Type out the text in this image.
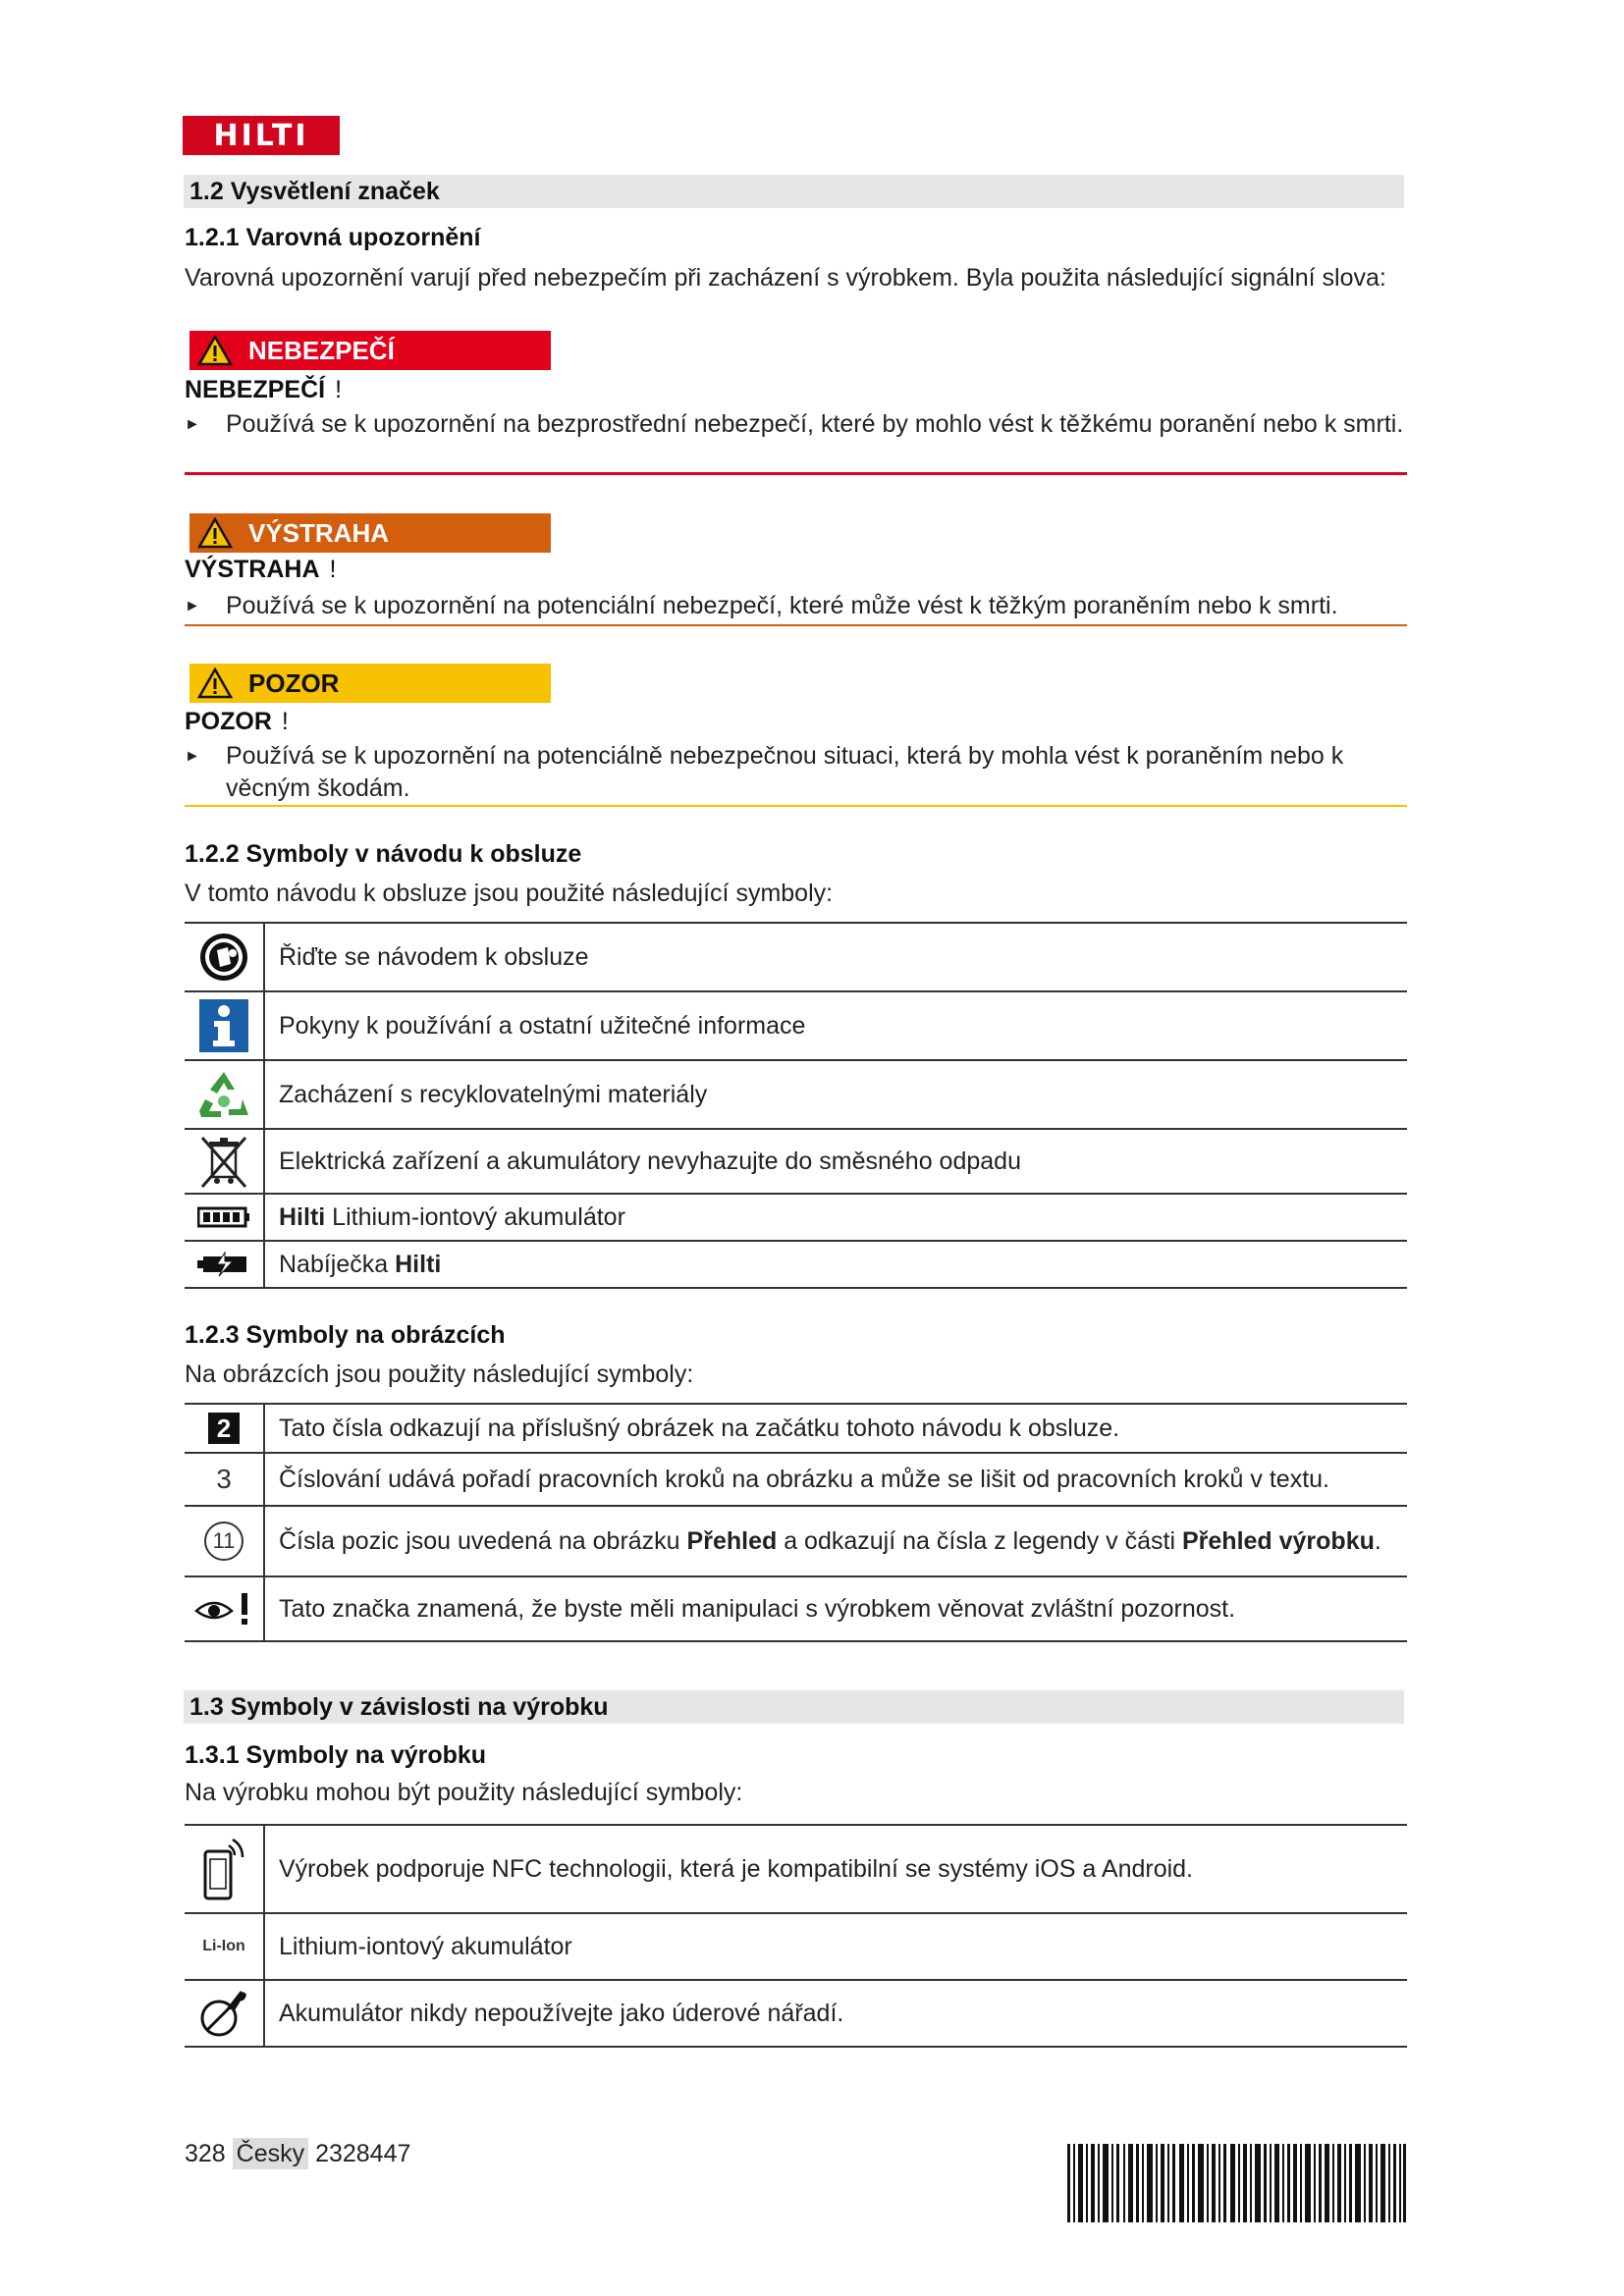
HILTI
1.2 Vysvětlení značek
1.2.1 Varovná upozornění
Varovná upozornění varují před nebezpečím při zacházení s výrobkem. Byla použita následující signální slova:
NEBEZPEČÍ
NEBEZPEČÍ !
► Používá se k upozornění na bezprostřední nebezpečí, které by mohlo vést k těžkému poranění nebo k smrti.
VÝSTRAHA
VÝSTRAHA !
► Používá se k upozornění na potenciální nebezpečí, které může vést k těžkým poraněním nebo k smrti.
POZOR
POZOR !
► Používá se k upozornění na potenciálně nebezpečnou situaci, která by mohla vést k poraněním nebo k věcným škodám.
1.2.2 Symboly v návodu k obsluze
V tomto návodu k obsluze jsou použité následující symboly:
	Řiďte se návodem k obsluze

	Pokyny k používání a ostatní užitečné informace

	Zacházení s recyklovatelnými materiály

	Elektrická zařízení a akumulátory nevyhazujte do směsného odpadu

	Hilti Lithium-iontový akumulátor

	Nabíječka Hilti
1.2.3 Symboly na obrázcích
Na obrázcích jsou použity následující symboly:
2	Tato čísla odkazují na příslušný obrázek na začátku tohoto návodu k obsluze.

3	Číslování udává pořadí pracovních kroků na obrázku a může se lišit od pracovních kroků v textu.

11	Čísla pozic jsou uvedená na obrázku Přehled a odkazují na čísla z legendy v části Přehled výrobku.

	Tato značka znamená, že byste měli manipulaci s výrobkem věnovat zvláštní pozornost.
1.3 Symboly v závislosti na výrobku
1.3.1 Symboly na výrobku
Na výrobku mohou být použity následující symboly:
	Výrobek podporuje NFC technologii, která je kompatibilní se systémy iOS a Android.

Li-Ion	Lithium-iontový akumulátor

	Akumulátor nikdy nepoužívejte jako úderové nářadí.
328 Česky 2328447
